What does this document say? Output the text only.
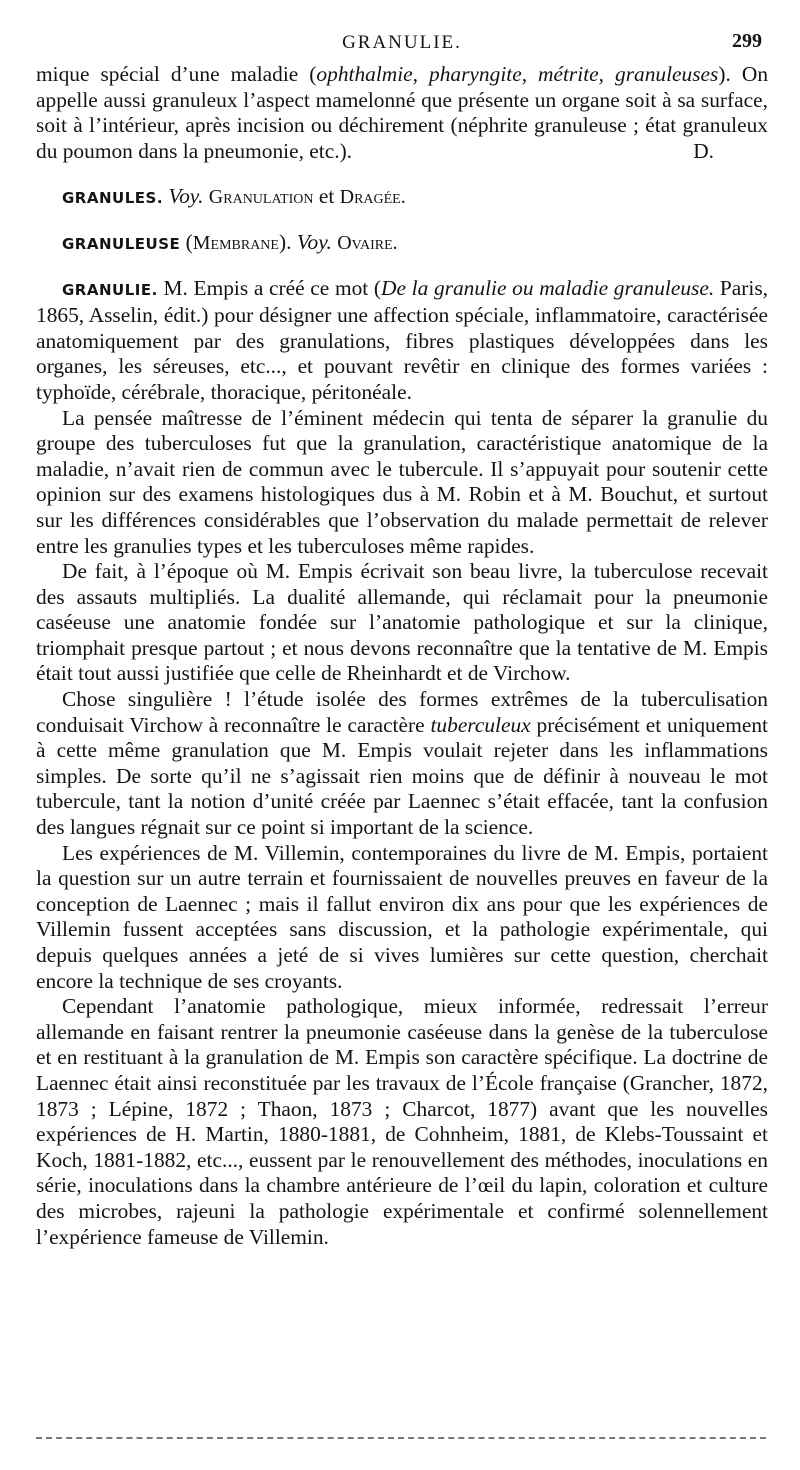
GRANULIE.	299

mique spécial d’une maladie (ophthalmie, pharyngite, métrite, granuleuses). On appelle aussi granuleux l’aspect mamelonné que présente un organe soit à sa surface, soit à l’intérieur, après incision ou déchirement (néphrite granuleuse ; état granuleux du poumon dans la pneumonie, etc.).	D.

GRANULES. Voy. Granulation et Dragée.

GRANULEUSE (Membrane). Voy. Ovaire.

GRANULIE. M. Empis a créé ce mot (De la granulie ou maladie granuleuse. Paris, 1865, Asselin, édit.) pour désigner une affection spéciale, inflammatoire, caractérisée anatomiquement par des granulations, fibres plastiques développées dans les organes, les séreuses, etc..., et pouvant revêtir en clinique des formes variées : typhoïde, cérébrale, thoracique, péritonéale.

La pensée maîtresse de l’éminent médecin qui tenta de séparer la granulie du groupe des tuberculoses fut que la granulation, caractéristique anatomique de la maladie, n’avait rien de commun avec le tubercule. Il s’appuyait pour soutenir cette opinion sur des examens histologiques dus à M. Robin et à M. Bouchut, et surtout sur les différences considérables que l’observation du malade permettait de relever entre les granulies types et les tuberculoses même rapides.

De fait, à l’époque où M. Empis écrivait son beau livre, la tuberculose recevait des assauts multipliés. La dualité allemande, qui réclamait pour la pneumonie caséeuse une anatomie fondée sur l’anatomie pathologique et sur la clinique, triomphait presque partout ; et nous devons reconnaître que la tentative de M. Empis était tout aussi justifiée que celle de Rheinhardt et de Virchow.

Chose singulière ! l’étude isolée des formes extrêmes de la tuberculisation conduisait Virchow à reconnaître le caractère tuberculeux précisément et uniquement à cette même granulation que M. Empis voulait rejeter dans les inflammations simples. De sorte qu’il ne s’agissait rien moins que de définir à nouveau le mot tubercule, tant la notion d’unité créée par Laennec s’était effacée, tant la confusion des langues régnait sur ce point si important de la science.

Les expériences de M. Villemin, contemporaines du livre de M. Empis, portaient la question sur un autre terrain et fournissaient de nouvelles preuves en faveur de la conception de Laennec ; mais il fallut environ dix ans pour que les expériences de Villemin fussent acceptées sans discussion, et la pathologie expérimentale, qui depuis quelques années a jeté de si vives lumières sur cette question, cherchait encore la technique de ses croyants.

Cependant l’anatomie pathologique, mieux informée, redressait l’erreur allemande en faisant rentrer la pneumonie caséeuse dans la genèse de la tuberculose et en restituant à la granulation de M. Empis son caractère spécifique. La doctrine de Laennec était ainsi reconstituée par les travaux de l’École française (Grancher, 1872, 1873 ; Lépine, 1872 ; Thaon, 1873 ; Charcot, 1877) avant que les nouvelles expériences de H. Martin, 1880-1881, de Cohnheim, 1881, de Klebs-Toussaint et Koch, 1881-1882, etc..., eussent par le renouvellement des méthodes, inoculations en série, inoculations dans la chambre antérieure de l’œil du lapin, coloration et culture des microbes, rajeuni la pathologie expérimentale et confirmé solennellement l’expérience fameuse de Villemin.
